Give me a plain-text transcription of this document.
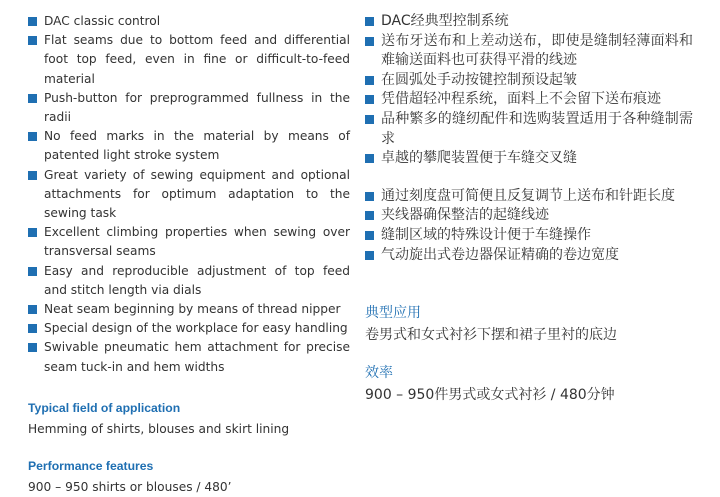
DAC classic control
Flat seams due to bottom feed and differential foot top feed, even in fine or difficult-to-feed material
Push-button for preprogrammed fullness in the radii
No feed marks in the material by means of patented light stroke system
Great variety of sewing equipment and optional attachments for optimum adaptation to the sewing task
Excellent climbing properties when sewing over transversal seams
Easy and reproducible adjustment of top feed and stitch length via dials
Neat seam beginning by means of thread nipper
Special design of the workplace for easy handling
Swivable pneumatic hem attachment for precise seam tuck-in and hem widths
Typical field of application
Hemming of shirts, blouses and skirt lining
Performance features
900 – 950 shirts or blouses / 480’
DAC经典型控制系统
送布牙送布和上差动送布，即使是缝制轻薄面料和难输送面料也可获得平滑的线迹
在圆弧处手动按键控制预设起皱
凭借超轻冲程系统，面料上不会留下送布痕迹
品种繁多的缝纫配件和选购装置适用于各种缝制需求
卓越的攀爬装置便于车缝交叉缝
通过刻度盘可简便且反复调节上送布和针距长度
夹线器确保整洁的起缝线迹
缝制区域的特殊设计便于车缝操作
气动旋出式卷边器保证精确的卷边宽度
典型应用
卷男式和女式衬衫下摆和裙子里衬的底边
效率
900 – 950件男式或女式衬衫 / 480分钟
